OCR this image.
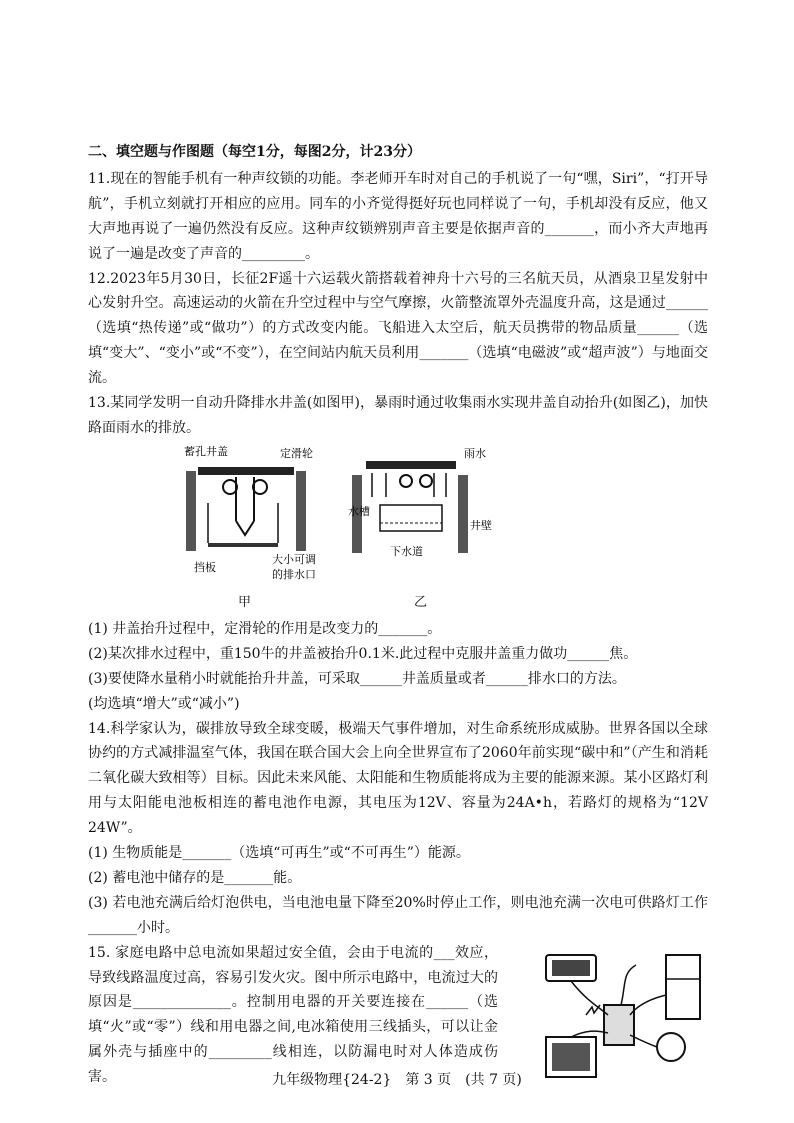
二、填空题与作图题（每空1分，每图2分，计23分）

11.现在的智能手机有一种声纹锁的功能。李老师开车时对自己的手机说了一句“嘿，Siri”，“打开导航”，手机立刻就打开相应的应用。同车的小齐觉得挺好玩也同样说了一句，手机却没有反应，他又大声地再说了一遍仍然没有反应。这种声纹锁辨别声音主要是依据声音的_______，而小齐大声地再说了一遍是改变了声音的_________。

12.2023年5月30日，长征2F遥十六运载火箭搭载着神舟十六号的三名航天员，从酒泉卫星发射中心发射升空。高速运动的火箭在升空过程中与空气摩擦，火箭整流罩外壳温度升高，这是通过______（选填“热传递”或“做功”）的方式改变内能。飞船进入太空后，航天员携带的物品质量______（选填“变大”、“变小”或“不变”），在空间站内航天员利用_______（选填“电磁波”或“超声波”）与地面交流。

13.某同学发明一自动升降排水井盖(如图甲)，暴雨时通过收集雨水实现井盖自动抬升(如图乙)，加快路面雨水的排放。

蓄孔井盖	定滑轮
挡板
大小可调
的排水口
甲
雨水
水槽
井壁
下水道
乙

(1) 井盖抬升过程中，定滑轮的作用是改变力的_______。

(2)某次排水过程中，重150牛的井盖被抬升0.1米.此过程中克服井盖重力做功______焦。

(3)要使降水量稍小时就能抬升井盖，可采取______井盖质量或者______排水口的方法。

(均选填“增大”或“减小”)

14.科学家认为，碳排放导致全球变暖，极端天气事件增加，对生命系统形成威胁。世界各国以全球协约的方式减排温室气体，我国在联合国大会上向全世界宣布了2060年前实现“碳中和”（产生和消耗二氧化碳大致相等）目标。因此未来风能、太阳能和生物质能将成为主要的能源来源。某小区路灯利用与太阳能电池板相连的蓄电池作电源，其电压为12V、容量为24A•h，若路灯的规格为“12V 24W”。

(1) 生物质能是_______（选填“可再生”或“不可再生”）能源。

(2) 蓄电池中储存的是_______能。

(3) 若电池充满后给灯泡供电，当电池电量下降至20%时停止工作，则电池充满一次电可供路灯工作_______小时。

15. 家庭电路中总电流如果超过安全值，会由于电流的___效应，导致线路温度过高，容易引发火灾。图中所示电路中，电流过大的原因是______________。控制用电器的开关要连接在______（选填“火”或“零”）线和用电器之间,电冰箱使用三线插头，可以让金属外壳与插座中的_________线相连，以防漏电时对人体造成伤害。	九年级物理{24-2}　第 3 页　(共 7 页)
